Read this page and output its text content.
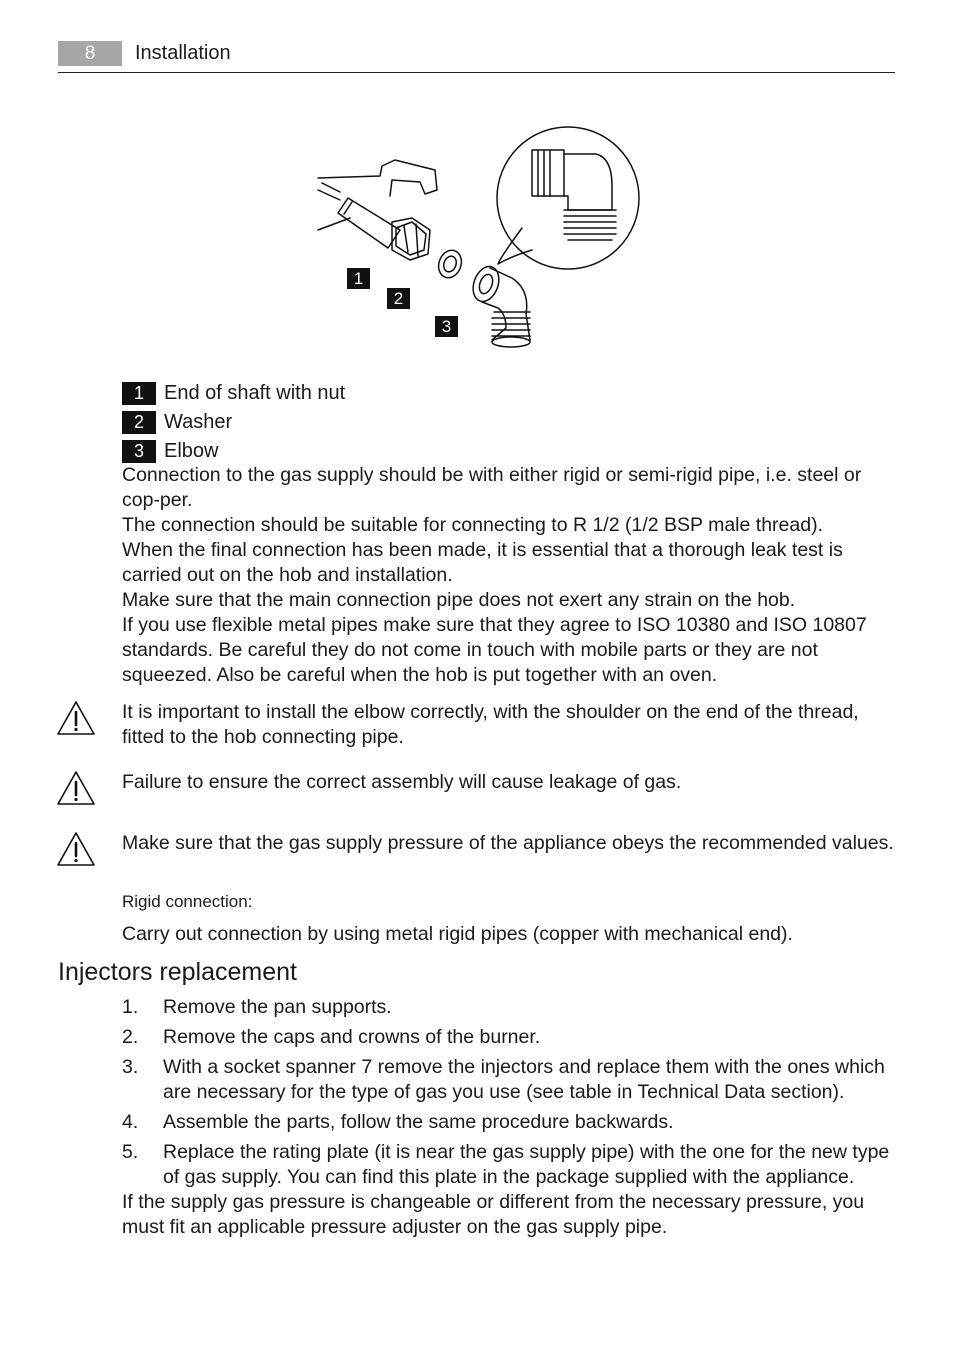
8	Installation
1
2
3
1	End of shaft with nut
2	Washer
3	Elbow

Connection to the gas supply should be with either rigid or semi-rigid pipe, i.e. steel or cop-per.

The connection should be suitable for connecting to R 1/2 (1/2 BSP male thread).

When the final connection has been made, it is essential that a thorough leak test is carried out on the hob and installation.

Make sure that the main connection pipe does not exert any strain on the hob.

If you use flexible metal pipes make sure that they agree to ISO 10380 and ISO 10807 standards. Be careful they do not come in touch with mobile parts or they are not squeezed. Also be careful when the hob is put together with an oven.

It is important to install the elbow correctly, with the shoulder on the end of the thread, fitted to the hob connecting pipe.
Failure to ensure the correct assembly will cause leakage of gas.
Make sure that the gas supply pressure of the appliance obeys the recommended values.
Rigid connection:
Carry out connection by using metal rigid pipes (copper with mechanical end).
Injectors replacement
1.	Remove the pan supports.
2.	Remove the caps and crowns of the burner.
3.	With a socket spanner 7 remove the injectors and replace them with the ones which are necessary for the type of gas you use (see table in Technical Data section).
4.	Assemble the parts, follow the same procedure backwards.
5.	Replace the rating plate (it is near the gas supply pipe) with the one for the new type of gas supply. You can find this plate in the package supplied with the appliance.
If the supply gas pressure is changeable or different from the necessary pressure, you must fit an applicable pressure adjuster on the gas supply pipe.
